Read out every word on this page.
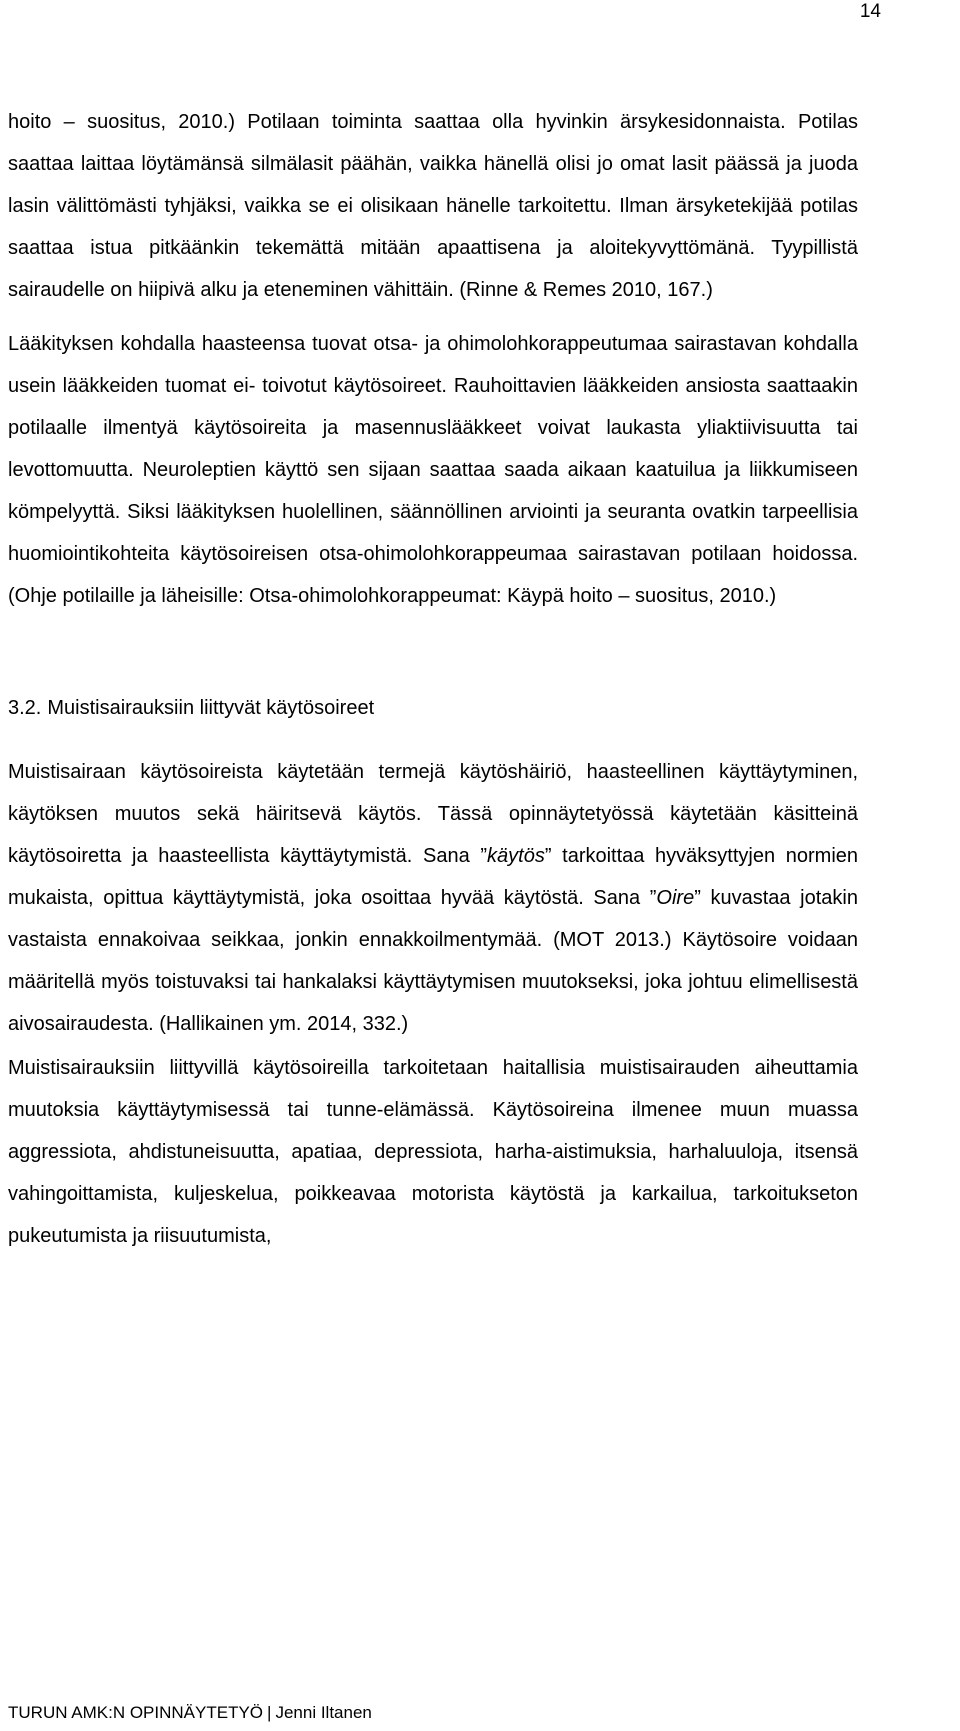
14

hoito – suositus, 2010.) Potilaan toiminta saattaa olla hyvinkin ärsykesidonnaista. Potilas saattaa laittaa löytämänsä silmälasit päähän, vaikka hänellä olisi jo omat lasit päässä ja juoda lasin välittömästi tyhjäksi, vaikka se ei olisikaan hänelle tarkoitettu. Ilman ärsyketekijää potilas saattaa istua pitkäänkin tekemättä mitään apaattisena ja aloitekyvyttömänä. Tyypillistä sairaudelle on hiipivä alku ja eteneminen vähittäin. (Rinne & Remes 2010, 167.)

Lääkityksen kohdalla haasteensa tuovat otsa- ja ohimolohkorappeutumaa sairastavan kohdalla usein lääkkeiden tuomat ei- toivotut käytösoireet. Rauhoittavien lääkkeiden ansiosta saattaakin potilaalle ilmentyä käytösoireita ja masennuslääkkeet voivat laukasta yliaktiivisuutta tai levottomuutta. Neuroleptien käyttö sen sijaan saattaa saada aikaan kaatuilua ja liikkumiseen kömpelyyttä. Siksi lääkityksen huolellinen, säännöllinen arviointi ja seuranta ovatkin tarpeellisia huomiointikohteita käytösoireisen otsa-ohimolohkorappeumaa sairastavan potilaan hoidossa. (Ohje potilaille ja läheisille: Otsa-ohimolohkorappeumat: Käypä hoito – suositus, 2010.)

3.2. Muistisairauksiin liittyvät käytösoireet

Muistisairaan käytösoireista käytetään termejä käytöshäiriö, haasteellinen käyttäytyminen, käytöksen muutos sekä häiritsevä käytös. Tässä opinnäytetyössä käytetään käsitteinä käytösoiretta ja haasteellista käyttäytymistä. Sana ”käytös” tarkoittaa hyväksyttyjen normien mukaista, opittua käyttäytymistä, joka osoittaa hyvää käytöstä. Sana ”Oire” kuvastaa jotakin vastaista ennakoivaa seikkaa, jonkin ennakkoilmentymää. (MOT 2013.) Käytösoire voidaan määritellä myös toistuvaksi tai hankalaksi käyttäytymisen muutokseksi, joka johtuu elimellisestä aivosairaudesta. (Hallikainen ym. 2014, 332.)

Muistisairauksiin liittyvillä käytösoireilla tarkoitetaan haitallisia muistisairauden aiheuttamia muutoksia käyttäytymisessä tai tunne-elämässä. Käytösoireina ilmenee muun muassa aggressiota, ahdistuneisuutta, apatiaa, depressiota, harha-aistimuksia, harhaluuloja, itsensä vahingoittamista, kuljeskelua, poikkeavaa motorista käytöstä ja karkailua, tarkoitukseton pukeutumista ja riisuutumista,

TURUN AMK:N OPINNÄYTETYÖ | Jenni Iltanen
